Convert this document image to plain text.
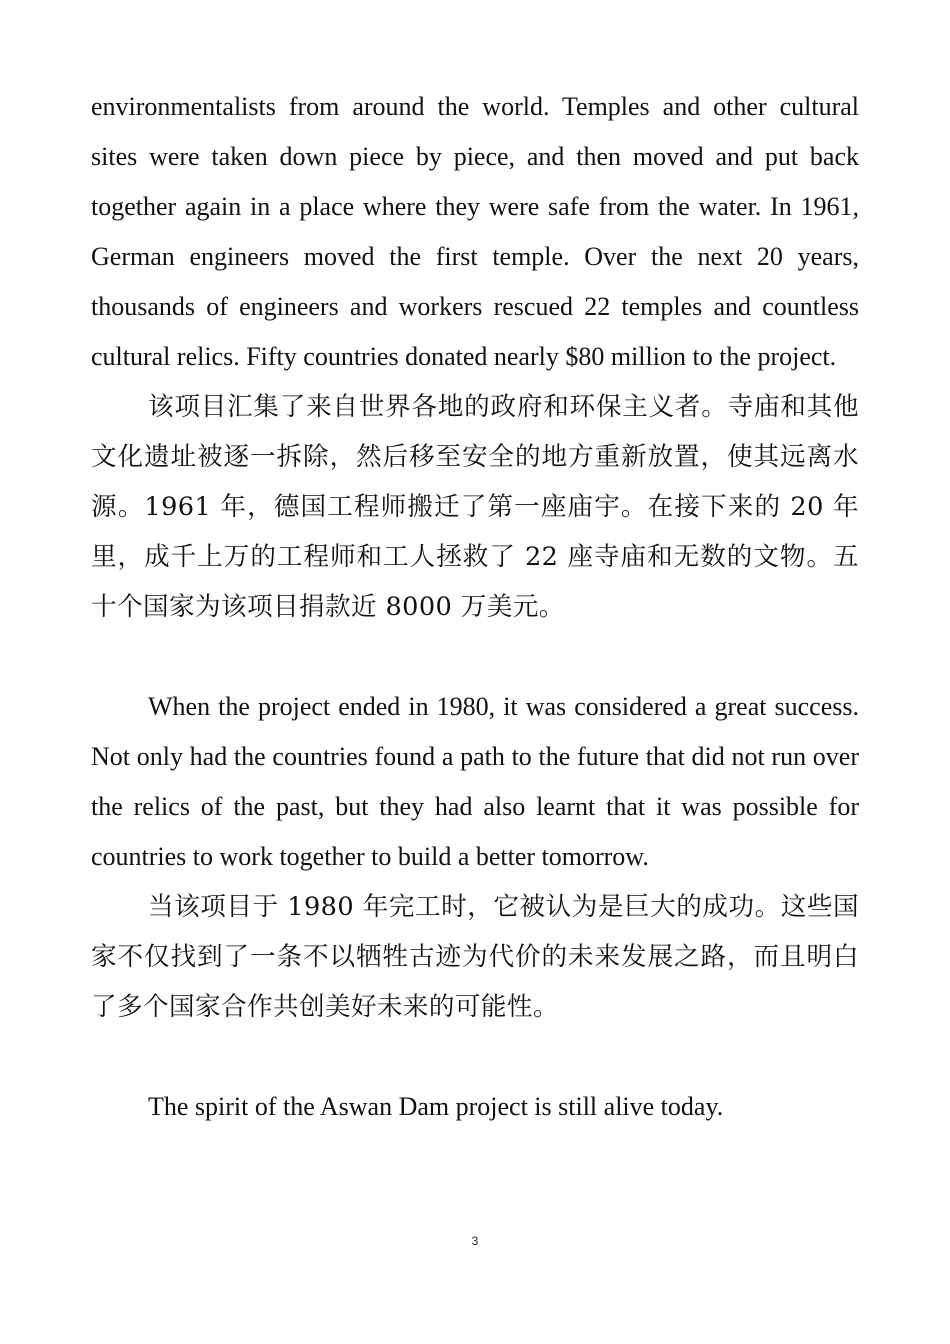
environmentalists from around the world. Temples and other cultural sites were taken down piece by piece, and then moved and put back together again in a place where they were safe from the water. In 1961, German engineers moved the first temple. Over the next 20 years, thousands of engineers and workers rescued 22 temples and countless cultural relics. Fifty countries donated nearly $80 million to the project.

该项目汇集了来自世界各地的政府和环保主义者。寺庙和其他文化遗址被逐一拆除，然后移至安全的地方重新放置，使其远离水源。1961 年，德国工程师搬迁了第一座庙宇。在接下来的 20 年里，成千上万的工程师和工人拯救了 22 座寺庙和无数的文物。五十个国家为该项目捐款近 8000 万美元。

When the project ended in 1980, it was considered a great success. Not only had the countries found a path to the future that did not run over the relics of the past, but they had also learnt that it was possible for countries to work together to build a better tomorrow.

当该项目于 1980 年完工时，它被认为是巨大的成功。这些国家不仅找到了一条不以牺牲古迹为代价的未来发展之路，而且明白了多个国家合作共创美好未来的可能性。

The spirit of the Aswan Dam project is still alive today.

3
